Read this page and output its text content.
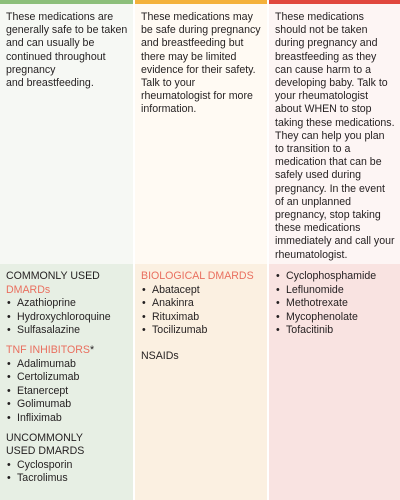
These medications are generally safe to be taken and can usually be continued throughout pregnancy
and breastfeeding.

COMMONLY USED

DMARDs

• Azathioprine
• Hydroxychloroquine
• Sulfasalazine

TNF INHIBITORS*

• Adalimumab
• Certolizumab
• Etanercept
• Golimumab
• Infliximab

UNCOMMONLY

USED DMARDS

• Cyclosporin
• Tacrolimus

These medications may be safe during pregnancy and breastfeeding but there may be limited evidence for their safety. Talk to your rheumatologist for more information.

BIOLOGICAL DMARDS

• Abatacept
• Anakinra
• Rituximab
• Tocilizumab

NSAIDs

These medications should not be taken during pregnancy and breastfeeding as they can cause harm to a developing baby. Talk to your rheumatologist about WHEN to stop taking these medications. They can help you plan to transition to a medication that can be safely used during pregnancy. In the event of an unplanned pregnancy, stop taking these medications immediately and call your rheumatologist.

• Cyclophosphamide
• Leflunomide
• Methotrexate
• Mycophenolate
• Tofacitinib
